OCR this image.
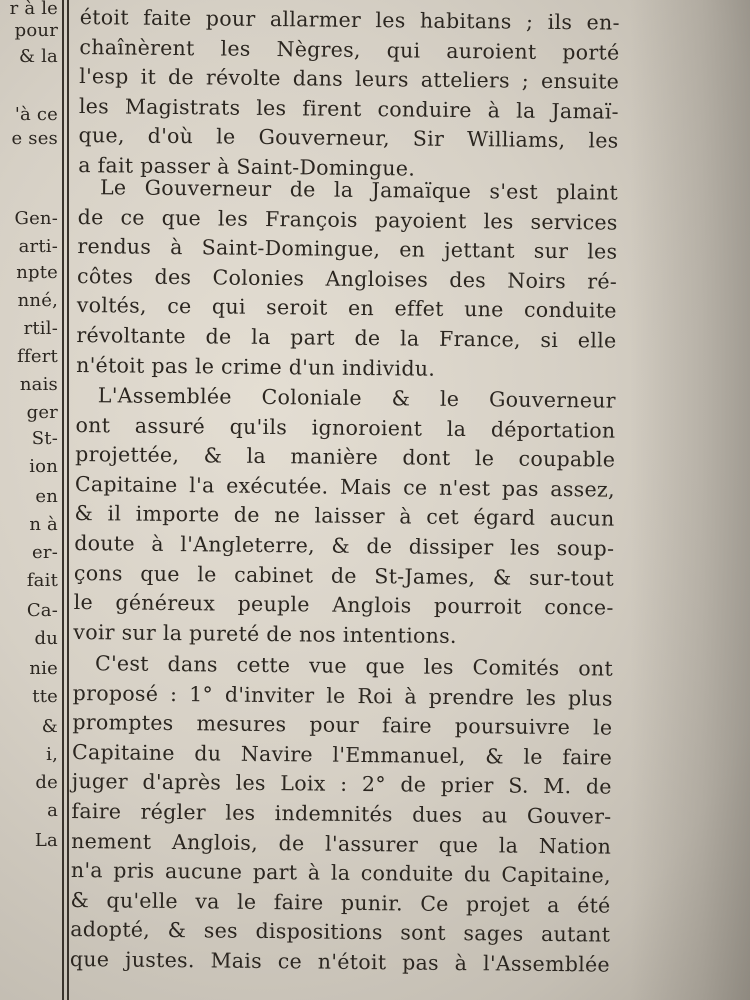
r à le
pour
& la
'à ce
e ses
Gen-
arti-
npte
nné,
rtil-
ffert
nais
ger
St-
ion
en
n à
er-
fait
Ca-
du
nie
tte
&
i,
de
a
La
étoit faite pour allarmer les habitans ; ils en-
chaînèrent les Nègres, qui auroient porté
l'esp it de révolte dans leurs atteliers ; ensuite
les Magistrats les firent conduire à la Jamaï-
que, d'où le Gouverneur, Sir Williams, les
a fait passer à Saint-Domingue.
Le Gouverneur de la Jamaïque s'est plaint
de ce que les François payoient les services
rendus à Saint-Domingue, en jettant sur les
côtes des Colonies Angloises des Noirs ré-
voltés, ce qui seroit en effet une conduite
révoltante de la part de la France, si elle
n'étoit pas le crime d'un individu.
L'Assemblée Coloniale & le Gouverneur
ont assuré qu'ils ignoroient la déportation
projettée, & la manière dont le coupable
Capitaine l'a exécutée. Mais ce n'est pas assez,
& il importe de ne laisser à cet égard aucun
doute à l'Angleterre, & de dissiper les soup-
çons que le cabinet de St-James, & sur-tout
le généreux peuple Anglois pourroit conce-
voir sur la pureté de nos intentions.
C'est dans cette vue que les Comités ont
proposé : 1° d'inviter le Roi à prendre les plus
promptes mesures pour faire poursuivre le
Capitaine du Navire l'Emmanuel, & le faire
juger d'après les Loix : 2° de prier S. M. de
faire régler les indemnités dues au Gouver-
nement Anglois, de l'assurer que la Nation
n'a pris aucune part à la conduite du Capitaine,
& qu'elle va le faire punir. Ce projet a été
adopté, & ses dispositions sont sages autant
que justes. Mais ce n'étoit pas à l'Assemblée
